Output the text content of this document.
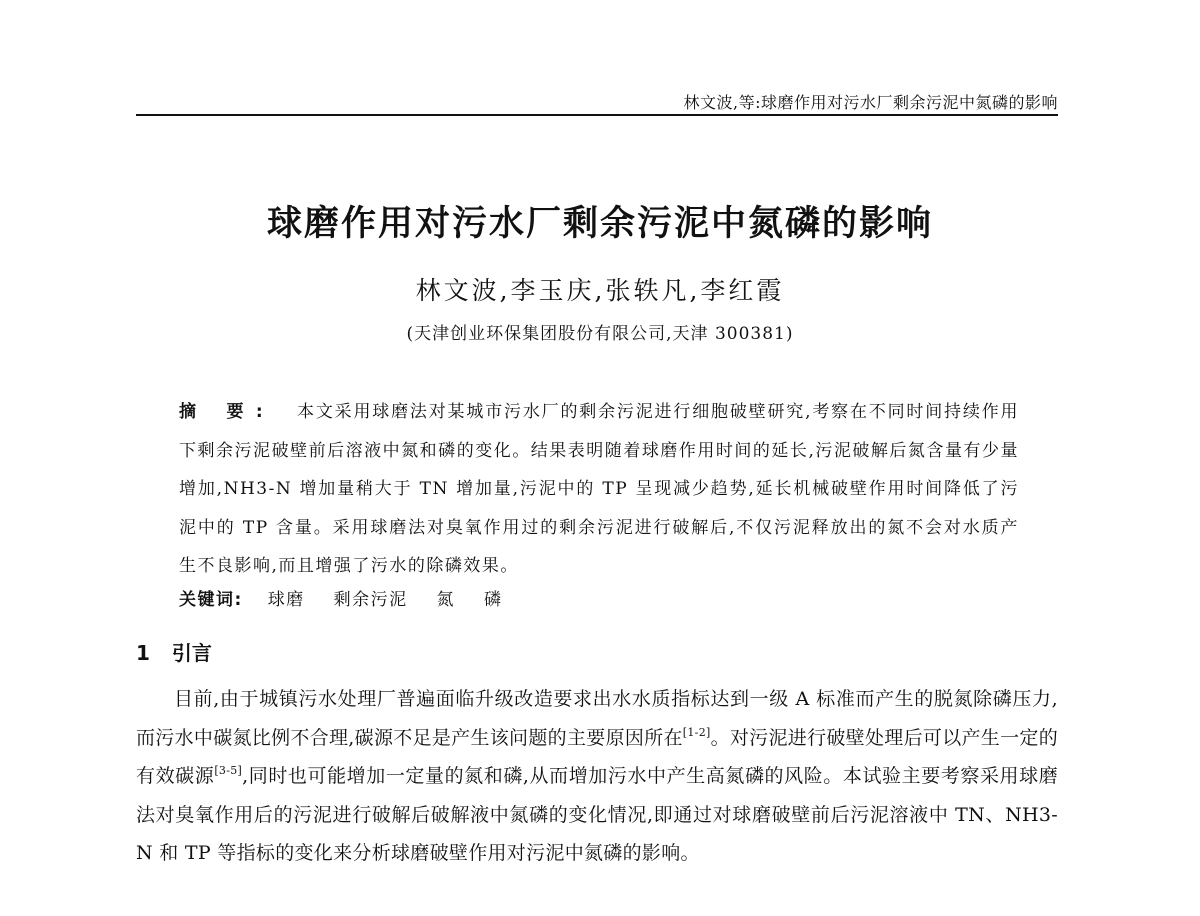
林文波,等:球磨作用对污水厂剩余污泥中氮磷的影响
球磨作用对污水厂剩余污泥中氮磷的影响
林文波,李玉庆,张轶凡,李红霞
(天津创业环保集团股份有限公司,天津 300381)

摘 要: 本文采用球磨法对某城市污水厂的剩余污泥进行细胞破壁研究,考察在不同时间持续作用下剩余污泥破壁前后溶液中氮和磷的变化。结果表明随着球磨作用时间的延长,污泥破解后氮含量有少量增加,NH3-N 增加量稍大于 TN 增加量,污泥中的 TP 呈现减少趋势,延长机械破壁作用时间降低了污泥中的 TP 含量。采用球磨法对臭氧作用过的剩余污泥进行破解后,不仅污泥释放出的氮不会对水质产生不良影响,而且增强了污水的除磷效果。

关键词: 球磨 剩余污泥 氮 磷
1 引言

目前,由于城镇污水处理厂普遍面临升级改造要求出水水质指标达到一级 A 标准而产生的脱氮除磷压力,而污水中碳氮比例不合理,碳源不足是产生该问题的主要原因所在[1-2]。对污泥进行破壁处理后可以产生一定的有效碳源[3-5],同时也可能增加一定量的氮和磷,从而增加污水中产生高氮磷的风险。本试验主要考察采用球磨法对臭氧作用后的污泥进行破解后破解液中氮磷的变化情况,即通过对球磨破壁前后污泥溶液中 TN、NH3-N 和 TP 等指标的变化来分析球磨破壁作用对污泥中氮磷的影响。
